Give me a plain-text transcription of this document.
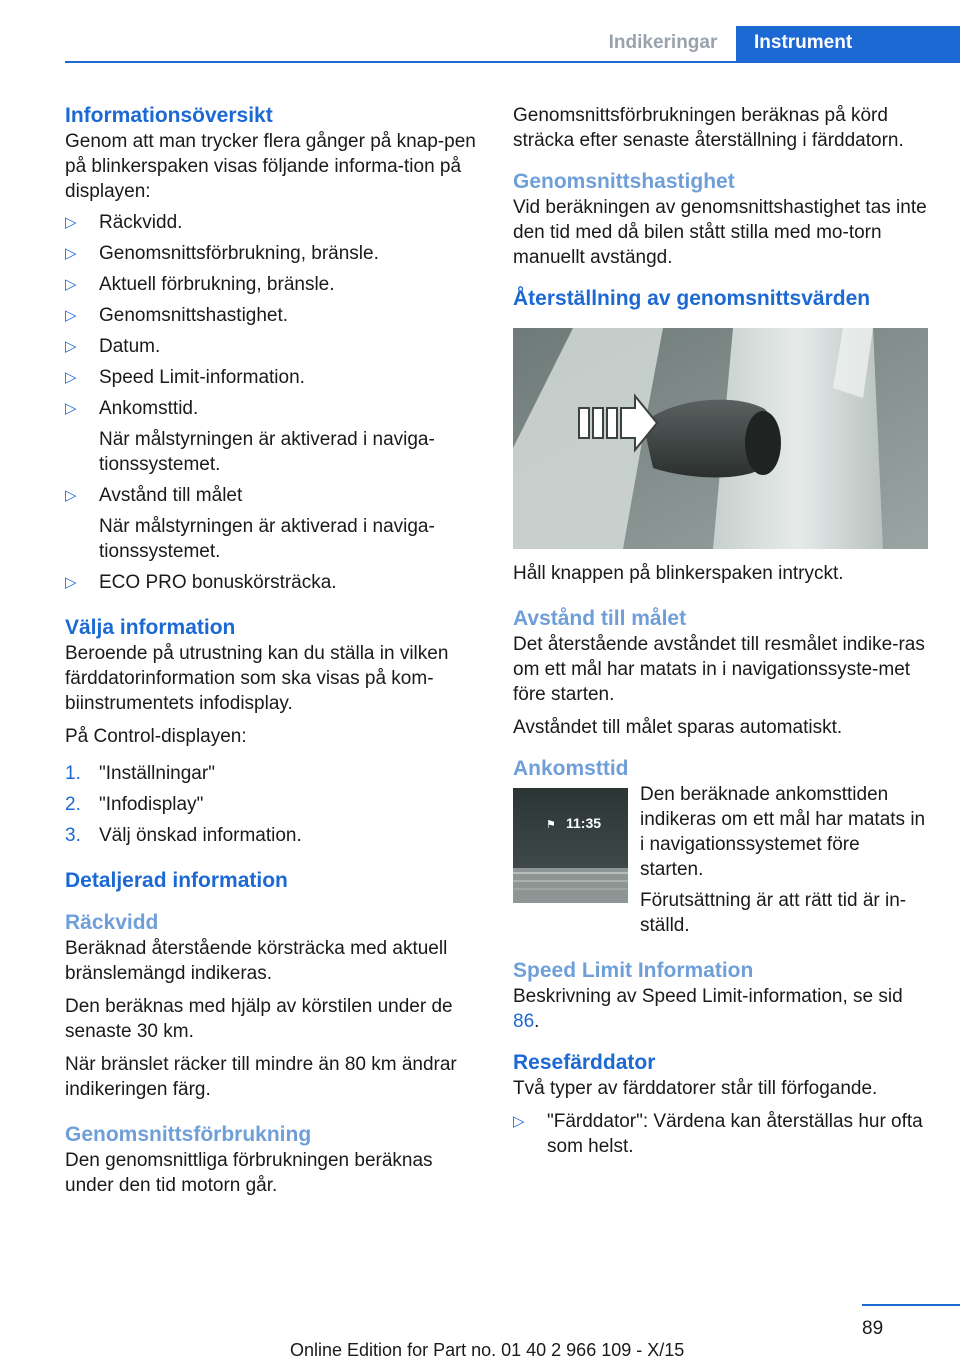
Indikeringar	Instrument
Informationsöversikt

Genom att man trycker flera gånger på knap-pen på blinkerspaken visas följande informa-tion på displayen:

▷ Räckvidd.
▷ Genomsnittsförbrukning, bränsle.
▷ Aktuell förbrukning, bränsle.
▷ Genomsnittshastighet.
▷ Datum.
▷ Speed Limit-information.
▷ Ankomsttid.
När målstyrningen är aktiverad i naviga-tionssystemet.
▷ Avstånd till målet
När målstyrningen är aktiverad i naviga-tionssystemet.
▷ ECO PRO bonuskörsträcka.
Välja information

Beroende på utrustning kan du ställa in vilken färddatorinformation som ska visas på kom-biinstrumentets infodisplay.

På Control-displayen:

1. "Inställningar"
2. "Infodisplay"
3. Välj önskad information.
Detaljerad information
Räckvidd

Beräknad återstående körsträcka med aktuell bränslemängd indikeras.

Den beräknas med hjälp av körstilen under de senaste 30 km.

När bränslet räcker till mindre än 80 km ändrar indikeringen färg.

Genomsnittsförbrukning

Den genomsnittliga förbrukningen beräknas under den tid motorn går.

Genomsnittsförbrukningen beräknas på körd sträcka efter senaste återställning i färddatorn.

Genomsnittshastighet

Vid beräkningen av genomsnittshastighet tas inte den tid med då bilen stått stilla med mo-torn manuellt avstängd.

Återställning av genomsnittsvärden

Håll knappen på blinkerspaken intryckt.

Avstånd till målet

Det återstående avståndet till resmålet indike-ras om ett mål har matats in i navigationssyste-met före starten.

Avståndet till målet sparas automatiskt.

Ankomsttid
⚑ 11:35

Den beräknade ankomsttiden indikeras om ett mål har matats in i navigationssystemet före starten.

Förutsättning är att rätt tid är in-ställd.

Speed Limit Information

Beskrivning av Speed Limit-information, se sid 86.

Resefärddator

Två typer av färddatorer står till förfogande.

▷ "Färddator": Värdena kan återställas hur ofta som helst.
89
Online Edition for Part no. 01 40 2 966 109 - X/15
